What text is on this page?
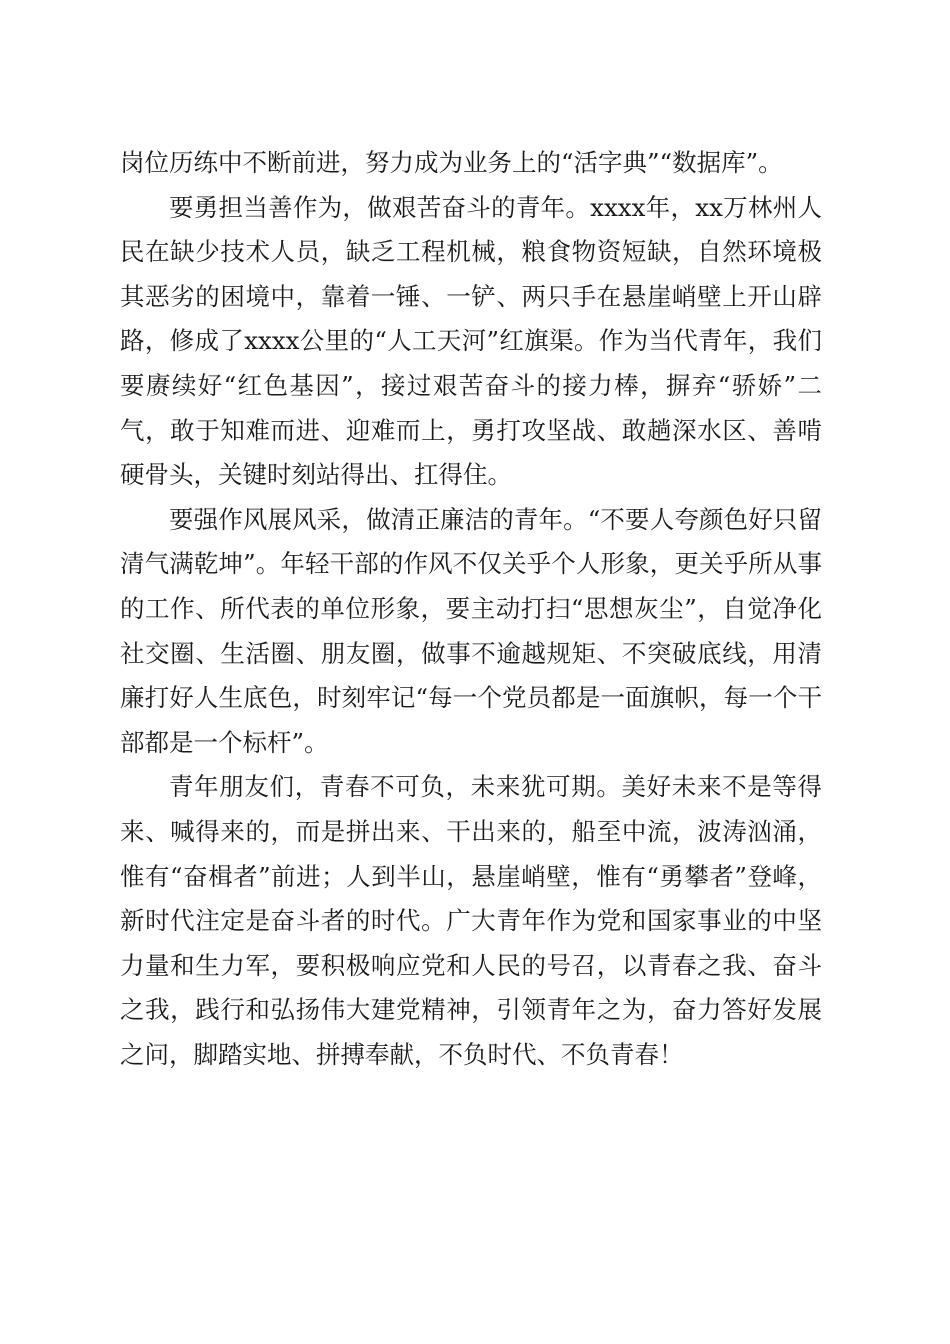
岗位历练中不断前进，努力成为业务上的“活字典”“数据库”。

要勇担当善作为，做艰苦奋斗的青年。xxxx年，xx万林州人民在缺少技术人员，缺乏工程机械，粮食物资短缺，自然环境极其恶劣的困境中，靠着一锤、一铲、两只手在悬崖峭壁上开山辟路，修成了xxxx公里的“人工天河”红旗渠。作为当代青年，我们要赓续好“红色基因”，接过艰苦奋斗的接力棒，摒弃“骄娇”二气，敢于知难而进、迎难而上，勇打攻坚战、敢趟深水区、善啃硬骨头，关键时刻站得出、扛得住。

要强作风展风采，做清正廉洁的青年。“不要人夸颜色好只留清气满乾坤”。年轻干部的作风不仅关乎个人形象，更关乎所从事的工作、所代表的单位形象，要主动打扫“思想灰尘”，自觉净化社交圈、生活圈、朋友圈，做事不逾越规矩、不突破底线，用清廉打好人生底色，时刻牢记“每一个党员都是一面旗帜，每一个干部都是一个标杆”。

青年朋友们，青春不可负，未来犹可期。美好未来不是等得来、喊得来的，而是拼出来、干出来的，船至中流，波涛汹涌，惟有“奋楫者”前进；人到半山，悬崖峭壁，惟有“勇攀者”登峰，新时代注定是奋斗者的时代。广大青年作为党和国家事业的中坚力量和生力军，要积极响应党和人民的号召，以青春之我、奋斗之我，践行和弘扬伟大建党精神，引领青年之为，奋力答好发展之问，脚踏实地、拼搏奉献，不负时代、不负青春！
